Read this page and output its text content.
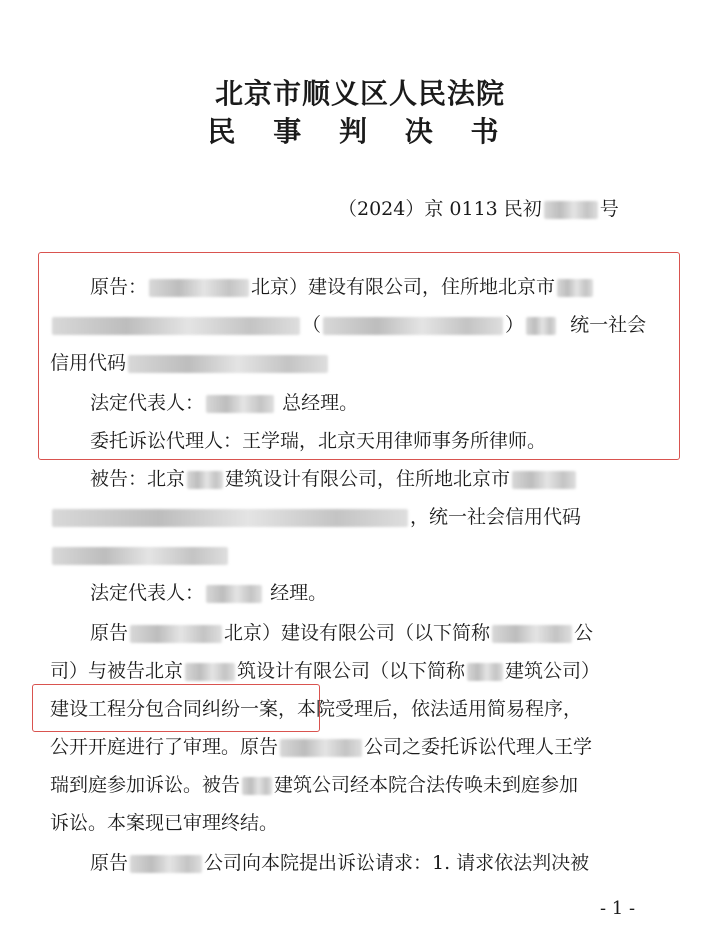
北京市顺义区人民法院
民 事 判 决 书
（2024）京 0113 民初	号
原告：	北京）建设有限公司，住所地北京市
（	） 统一社会
信用代码
法定代表人：	总经理。
委托诉讼代理人：王学瑞，北京天用律师事务所律师。
被告：北京 建筑设计有限公司，住所地北京市
，统一社会信用代码
法定代表人：	经理。
原告	北京）建设有限公司（以下简称	公
司）与被告北京	筑设计有限公司（以下简称 建筑公司）
建设工程分包合同纠纷一案，本院受理后，依法适用简易程序，
公开开庭进行了审理。原告	公司之委托诉讼代理人王学
瑞到庭参加诉讼。被告 建筑公司经本院合法传唤未到庭参加
诉讼。本案现已审理终结。
原告	公司向本院提出诉讼请求：1. 请求依法判决被
- 1 -
